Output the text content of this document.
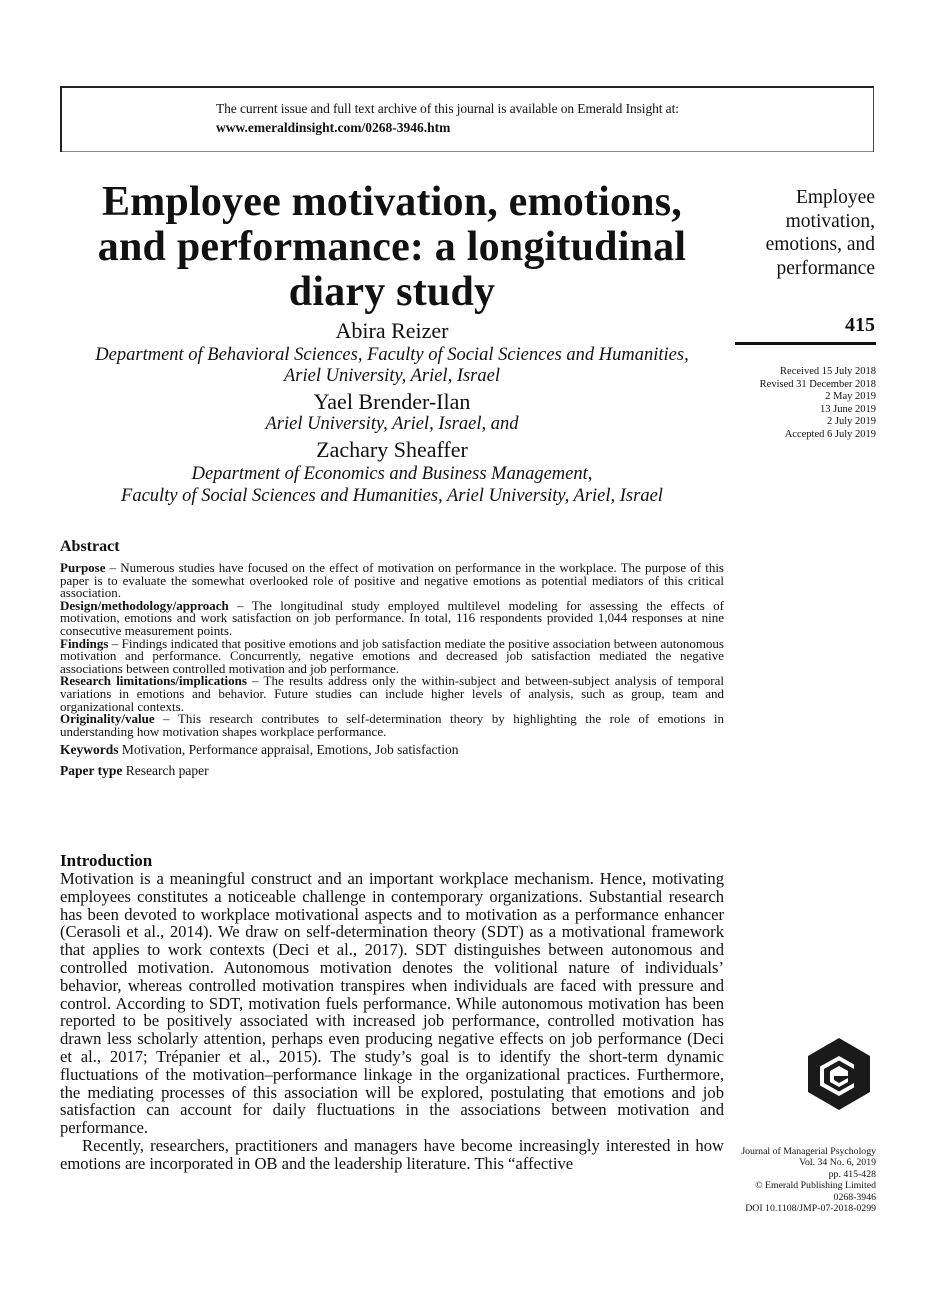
The current issue and full text archive of this journal is available on Emerald Insight at:
www.emeraldinsight.com/0268-3946.htm
Employee motivation, emotions,
and performance: a longitudinal
diary study
Abira Reizer
Department of Behavioral Sciences, Faculty of Social Sciences and Humanities,
Ariel University, Ariel, Israel
Yael Brender-Ilan
Ariel University, Ariel, Israel, and
Zachary Sheaffer
Department of Economics and Business Management,
Faculty of Social Sciences and Humanities, Ariel University, Ariel, Israel
Employee
motivation,
emotions, and
performance
415
Received 15 July 2018
Revised 31 December 2018
2 May 2019
13 June 2019
2 July 2019
Accepted 6 July 2019
Abstract

Purpose – Numerous studies have focused on the effect of motivation on performance in the workplace. The purpose of this paper is to evaluate the somewhat overlooked role of positive and negative emotions as potential mediators of this critical association.

Design/methodology/approach – The longitudinal study employed multilevel modeling for assessing the effects of motivation, emotions and work satisfaction on job performance. In total, 116 respondents provided 1,044 responses at nine consecutive measurement points.

Findings – Findings indicated that positive emotions and job satisfaction mediate the positive association between autonomous motivation and performance. Concurrently, negative emotions and decreased job satisfaction mediated the negative associations between controlled motivation and job performance.

Research limitations/implications – The results address only the within-subject and between-subject analysis of temporal variations in emotions and behavior. Future studies can include higher levels of analysis, such as group, team and organizational contexts.

Originality/value – This research contributes to self-determination theory by highlighting the role of emotions in understanding how motivation shapes workplace performance.

Keywords Motivation, Performance appraisal, Emotions, Job satisfaction

Paper type Research paper

Introduction

Motivation is a meaningful construct and an important workplace mechanism. Hence, motivating employees constitutes a noticeable challenge in contemporary organizations. Substantial research has been devoted to workplace motivational aspects and to motivation as a performance enhancer (Cerasoli et al., 2014). We draw on self-determination theory (SDT) as a motivational framework that applies to work contexts (Deci et al., 2017). SDT distinguishes between autonomous and controlled motivation. Autonomous motivation denotes the volitional nature of individuals’ behavior, whereas controlled motivation transpires when individuals are faced with pressure and control. According to SDT, motivation fuels performance. While autonomous motivation has been reported to be positively associated with increased job performance, controlled motivation has drawn less scholarly attention, perhaps even producing negative effects on job performance (Deci et al., 2017; Trépanier et al., 2015). The study’s goal is to identify the short-term dynamic fluctuations of the motivation–performance linkage in the organizational practices. Furthermore, the mediating processes of this association will be explored, postulating that emotions and job satisfaction can account for daily fluctuations in the associations between motivation and performance.

Recently, researchers, practitioners and managers have become increasingly interested in how emotions are incorporated in OB and the leadership literature. This “affective

Journal of Managerial Psychology
Vol. 34 No. 6, 2019
pp. 415-428
© Emerald Publishing Limited
0268-3946
DOI 10.1108/JMP-07-2018-0299
